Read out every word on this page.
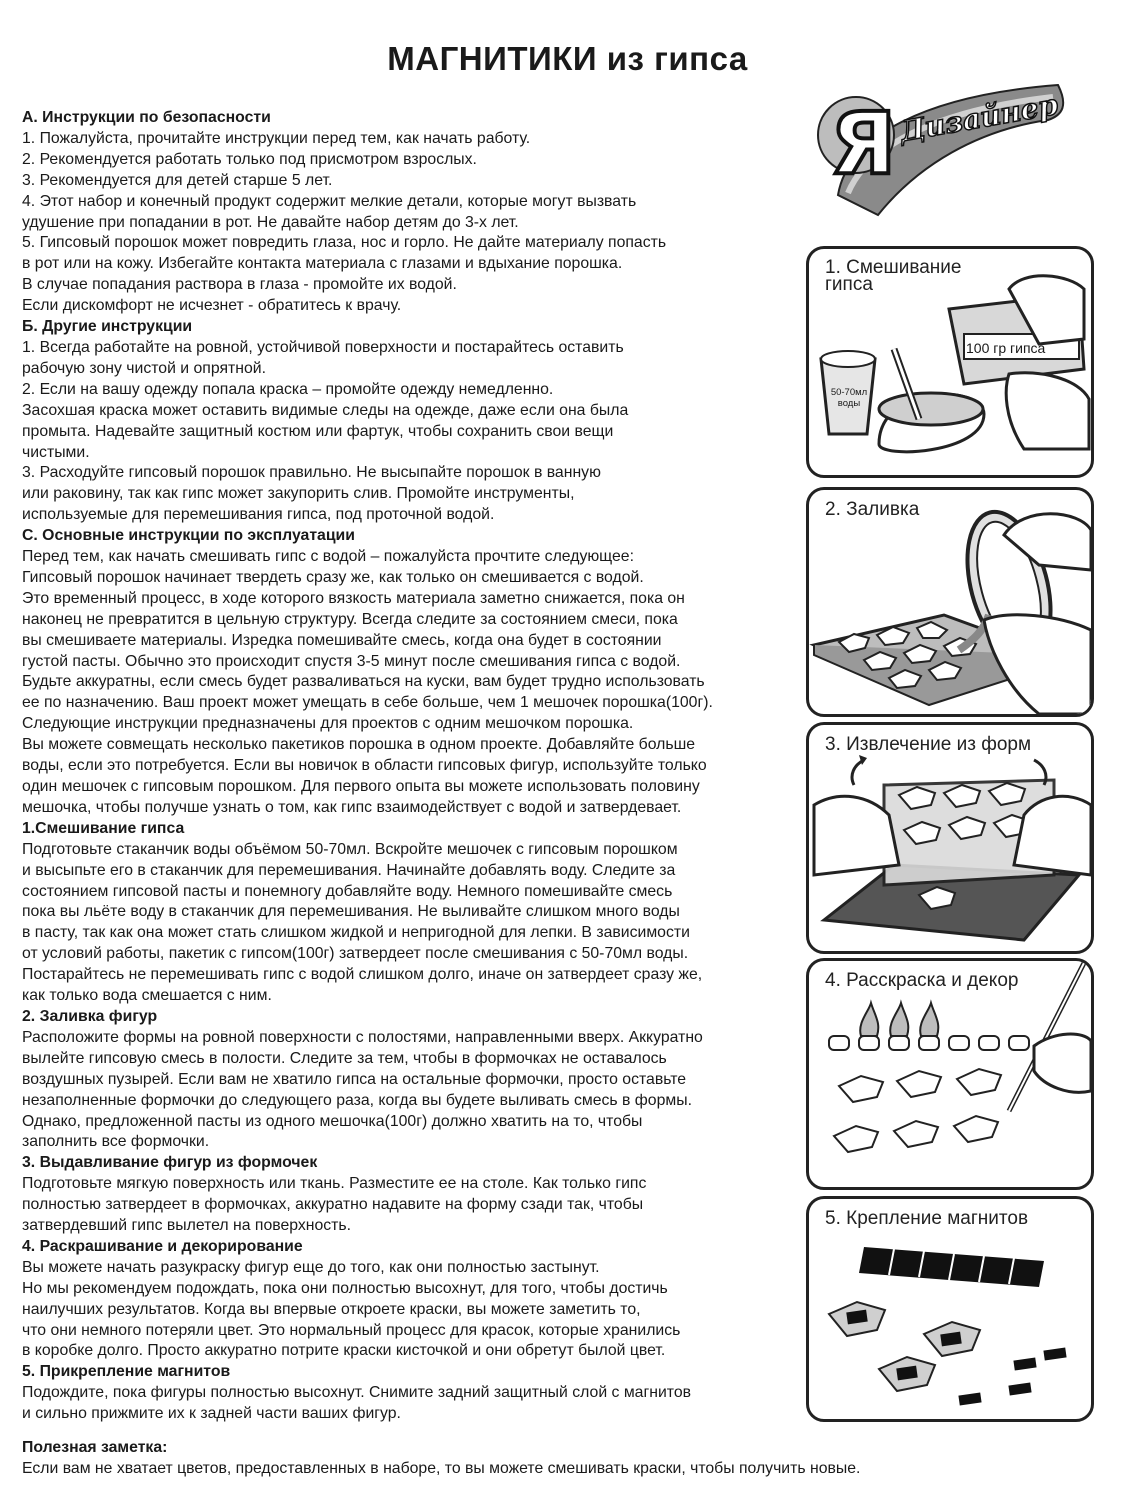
МАГНИТИКИ из гипса
Я Дизайнер
А. Инструкции по безопасности
1. Пожалуйста, прочитайте инструкции перед тем, как начать работу.
2. Рекомендуется работать только под присмотром взрослых.
3. Рекомендуется для детей старше 5 лет.
4. Этот набор и конечный продукт содержит мелкие детали, которые могут вызвать
удушение при попадании в рот. Не давайте набор детям до 3-х лет.
5. Гипсовый порошок может повредить глаза, нос и горло. Не дайте материалу попасть
в рот или на кожу. Избегайте контакта материала с глазами и вдыхание порошка.
В случае попадания раствора в глаза - промойте их водой.
Если дискомфорт не исчезнет - обратитесь к врачу.
Б. Другие инструкции
1. Всегда работайте на ровной, устойчивой поверхности и постарайтесь оставить
рабочую зону чистой и опрятной.
2. Если на вашу одежду попала краска – промойте одежду немедленно.
Засохшая краска может оставить видимые следы на одежде, даже если она была
промыта. Надевайте защитный костюм или фартук, чтобы сохранить свои вещи
чистыми.
3. Расходуйте гипсовый порошок правильно. Не высыпайте порошок в ванную
или раковину, так как гипс может закупорить слив. Промойте инструменты,
используемые для перемешивания гипса, под проточной водой.
С. Основные инструкции по эксплуатации
Перед тем, как начать смешивать гипс с водой – пожалуйста прочтите следующее:
Гипсовый порошок начинает твердеть сразу же, как только он смешивается с водой.
Это временный процесс, в ходе которого вязкость материала заметно снижается, пока он
наконец не превратится в цельную структуру. Всегда следите за состоянием смеси, пока
вы смешиваете материалы. Изредка помешивайте смесь, когда она будет в состоянии
густой пасты. Обычно это происходит спустя 3-5 минут после смешивания гипса с водой.
Будьте аккуратны, если смесь будет разваливаться на куски, вам будет трудно использовать
ее по назначению. Ваш проект может умещать в себе больше, чем 1 мешочек порошка(100г).
Следующие инструкции предназначены для проектов с одним мешочком порошка.
Вы можете совмещать несколько пакетиков порошка в одном проекте. Добавляйте больше
воды, если это потребуется. Если вы новичок в области гипсовых фигур, используйте только
один мешочек с гипсовым порошком. Для первого опыта вы можете использовать половину
мешочка, чтобы получше узнать о том, как гипс взаимодействует с водой и затвердевает.
1.Смешивание гипса
Подготовьте стаканчик воды объёмом 50-70мл. Вскройте мешочек с гипсовым порошком
и высыпьте его в стаканчик для перемешивания. Начинайте добавлять воду. Следите за
состоянием гипсовой пасты и понемногу добавляйте воду. Немного помешивайте смесь
пока вы льёте воду в стаканчик для перемешивания. Не выливайте слишком много воды
в пасту, так как она может стать слишком жидкой и непригодной для лепки. В зависимости
от условий работы, пакетик с гипсом(100г) затвердеет после смешивания с 50-70мл воды.
Постарайтесь не перемешивать гипс с водой слишком долго, иначе он затвердеет сразу же,
как только вода смешается с ним.
2. Заливка фигур
Расположите формы на ровной поверхности с полостями, направленными вверх. Аккуратно
вылейте гипсовую смесь в полости. Следите за тем, чтобы в формочках не оставалось
воздушных пузырей. Если вам не хватило гипса на остальные формочки, просто оставьте
незаполненные формочки до следующего раза, когда вы будете выливать смесь в формы.
Однако, предложенной пасты из одного мешочка(100г) должно хватить на то, чтобы
заполнить все формочки.
3. Выдавливание фигур из формочек
Подготовьте мягкую поверхность или ткань. Разместите ее на столе. Как только гипс
полностью затвердеет в формочках, аккуратно надавите на форму сзади так, чтобы
затвердевший гипс вылетел на поверхность.
4. Раскрашивание и декорирование
Вы можете начать разукраску фигур еще до того, как они полностью застынут.
Но мы рекомендуем подождать, пока они полностью высохнут, для того, чтобы достичь
наилучших результатов. Когда вы впервые откроете краски, вы можете заметить то,
что они немного потеряли цвет. Это нормальный процесс для красок, которые хранились
в коробке долго. Просто аккуратно потрите краски кисточкой и они обретут былой цвет.
5. Прикрепление магнитов
Подождите, пока фигуры полностью высохнут. Снимите задний защитный слой с магнитов
и сильно прижмите их к задней части ваших фигур.
Полезная заметка:
Если вам не хватает цветов, предоставленных в наборе, то вы можете смешивать краски, чтобы получить новые.
1. Смешивание
гипса
100 гр гипса
50-70мл
воды
2. Заливка
3. Извлечение из форм
4. Расскраска и декор
5. Крепление магнитов
